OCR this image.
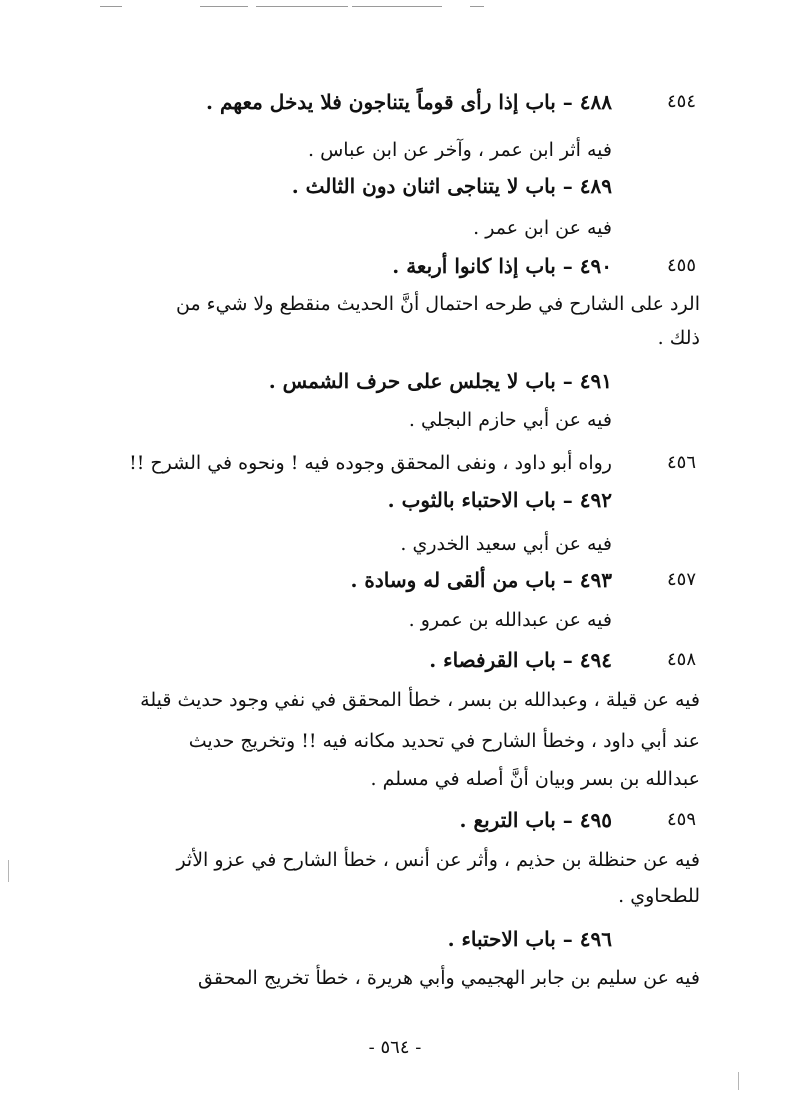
٤٨٨ – باب إذا رأى قوماً يتناجون فلا يدخل معهم .
فيه أثر ابن عمر ، وآخر عن ابن عباس .
٤٨٩ – باب لا يتناجى اثنان دون الثالث .
فيه عن ابن عمر .
٤٩٠ – باب إذا كانوا أربعة .
الرد على الشارح في طرحه احتمال أنَّ الحديث منقطع ولا شيء من
ذلك .
٤٩١ – باب لا يجلس على حرف الشمس .
فيه عن أبي حازم البجلي .
رواه أبو داود ، ونفى المحقق وجوده فيه ! ونحوه في الشرح !!
٤٩٢ – باب الاحتباء بالثوب .
فيه عن أبي سعيد الخدري .
٤٩٣ – باب من ألقى له وسادة .
فيه عن عبدالله بن عمرو .
٤٩٤ – باب القرفصاء .
فيه عن قيلة ، وعبدالله بن بسر ، خطأ المحقق في نفي وجود حديث قيلة
عند أبي داود ، وخطأ الشارح في تحديد مكانه فيه !! وتخريج حديث
عبدالله بن بسر وبيان أنَّ أصله في مسلم .
٤٩٥ – باب التربع .
فيه عن حنظلة بن حذيم ، وأثر عن أنس ، خطأ الشارح في عزو الأثر
للطحاوي .
٤٩٦ – باب الاحتباء .
فيه عن سليم بن جابر الهجيمي وأبي هريرة ، خطأ تخريج المحقق
٤٥٤
٤٥٥
٤٥٦
٤٥٧
٤٥٨
٤٥٩
- ٥٦٤ -
